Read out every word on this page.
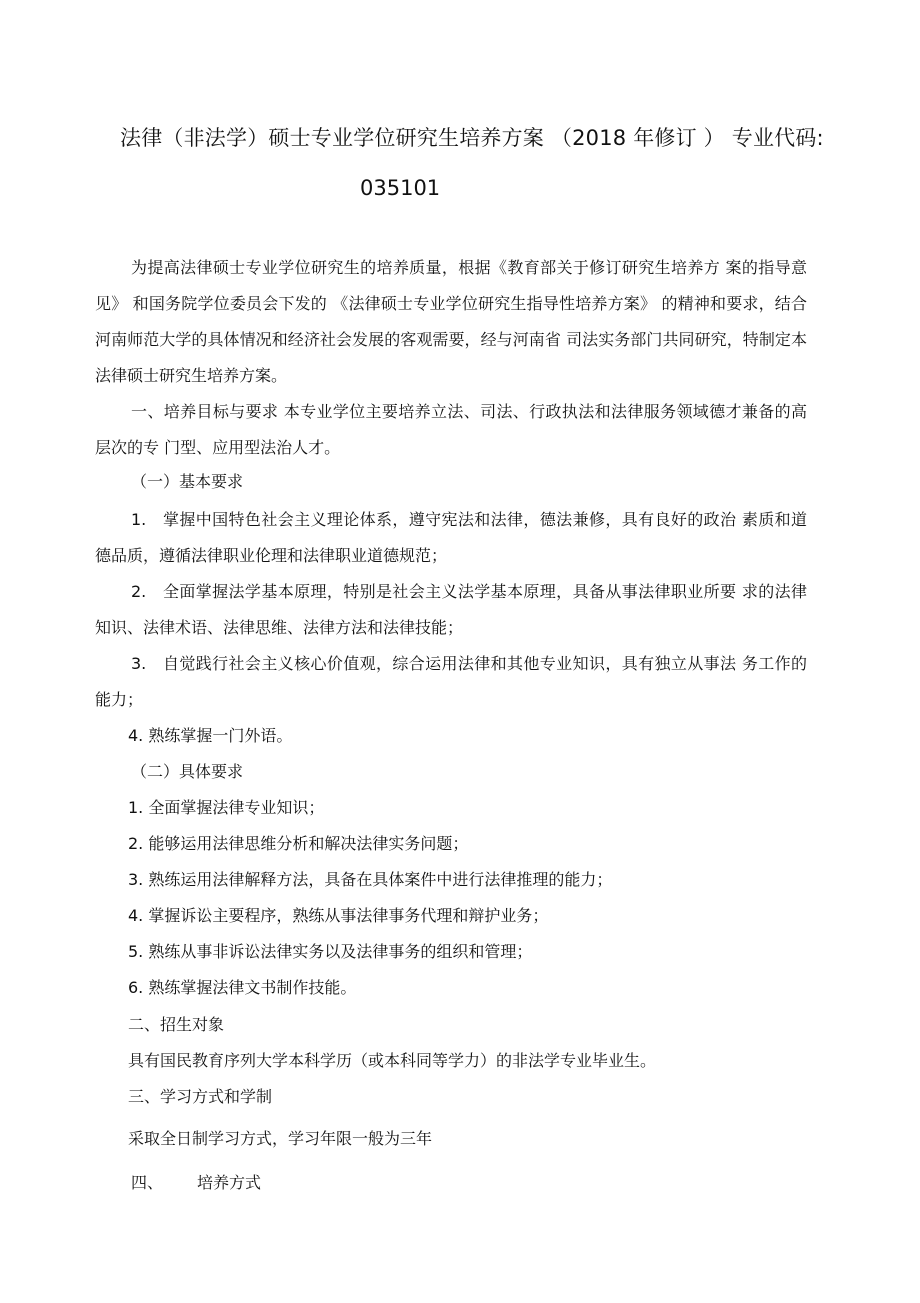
法律（非法学）硕士专业学位研究生培养方案 （2018 年修订 ） 专业代码:
035101
为提高法律硕士专业学位研究生的培养质量，根据《教育部关于修订研究生培养方 案的指导意见》 和国务院学位委员会下发的 《法律硕士专业学位研究生指导性培养方案》 的精神和要求，结合河南师范大学的具体情况和经济社会发展的客观需要，经与河南省 司法实务部门共同研究，特制定本法律硕士研究生培养方案。
一、培养目标与要求 本专业学位主要培养立法、司法、行政执法和法律服务领域德才兼备的高层次的专 门型、应用型法治人才。
（一）基本要求
1.　掌握中国特色社会主义理论体系，遵守宪法和法律，德法兼修，具有良好的政治 素质和道德品质，遵循法律职业伦理和法律职业道德规范；
2.　全面掌握法学基本原理，特别是社会主义法学基本原理，具备从事法律职业所要 求的法律知识、法律术语、法律思维、法律方法和法律技能；
3.　自觉践行社会主义核心价值观，综合运用法律和其他专业知识，具有独立从事法 务工作的能力；
4. 熟练掌握一门外语。
（二）具体要求
1. 全面掌握法律专业知识；
2. 能够运用法律思维分析和解决法律实务问题；
3. 熟练运用法律解释方法，具备在具体案件中进行法律推理的能力；
4. 掌握诉讼主要程序，熟练从事法律事务代理和辩护业务；
5. 熟练从事非诉讼法律实务以及法律事务的组织和管理；
6. 熟练掌握法律文书制作技能。
二、招生对象
具有国民教育序列大学本科学历（或本科同等学力）的非法学专业毕业生。
三、学习方式和学制
采取全日制学习方式，学习年限一般为三年
四、 培养方式
